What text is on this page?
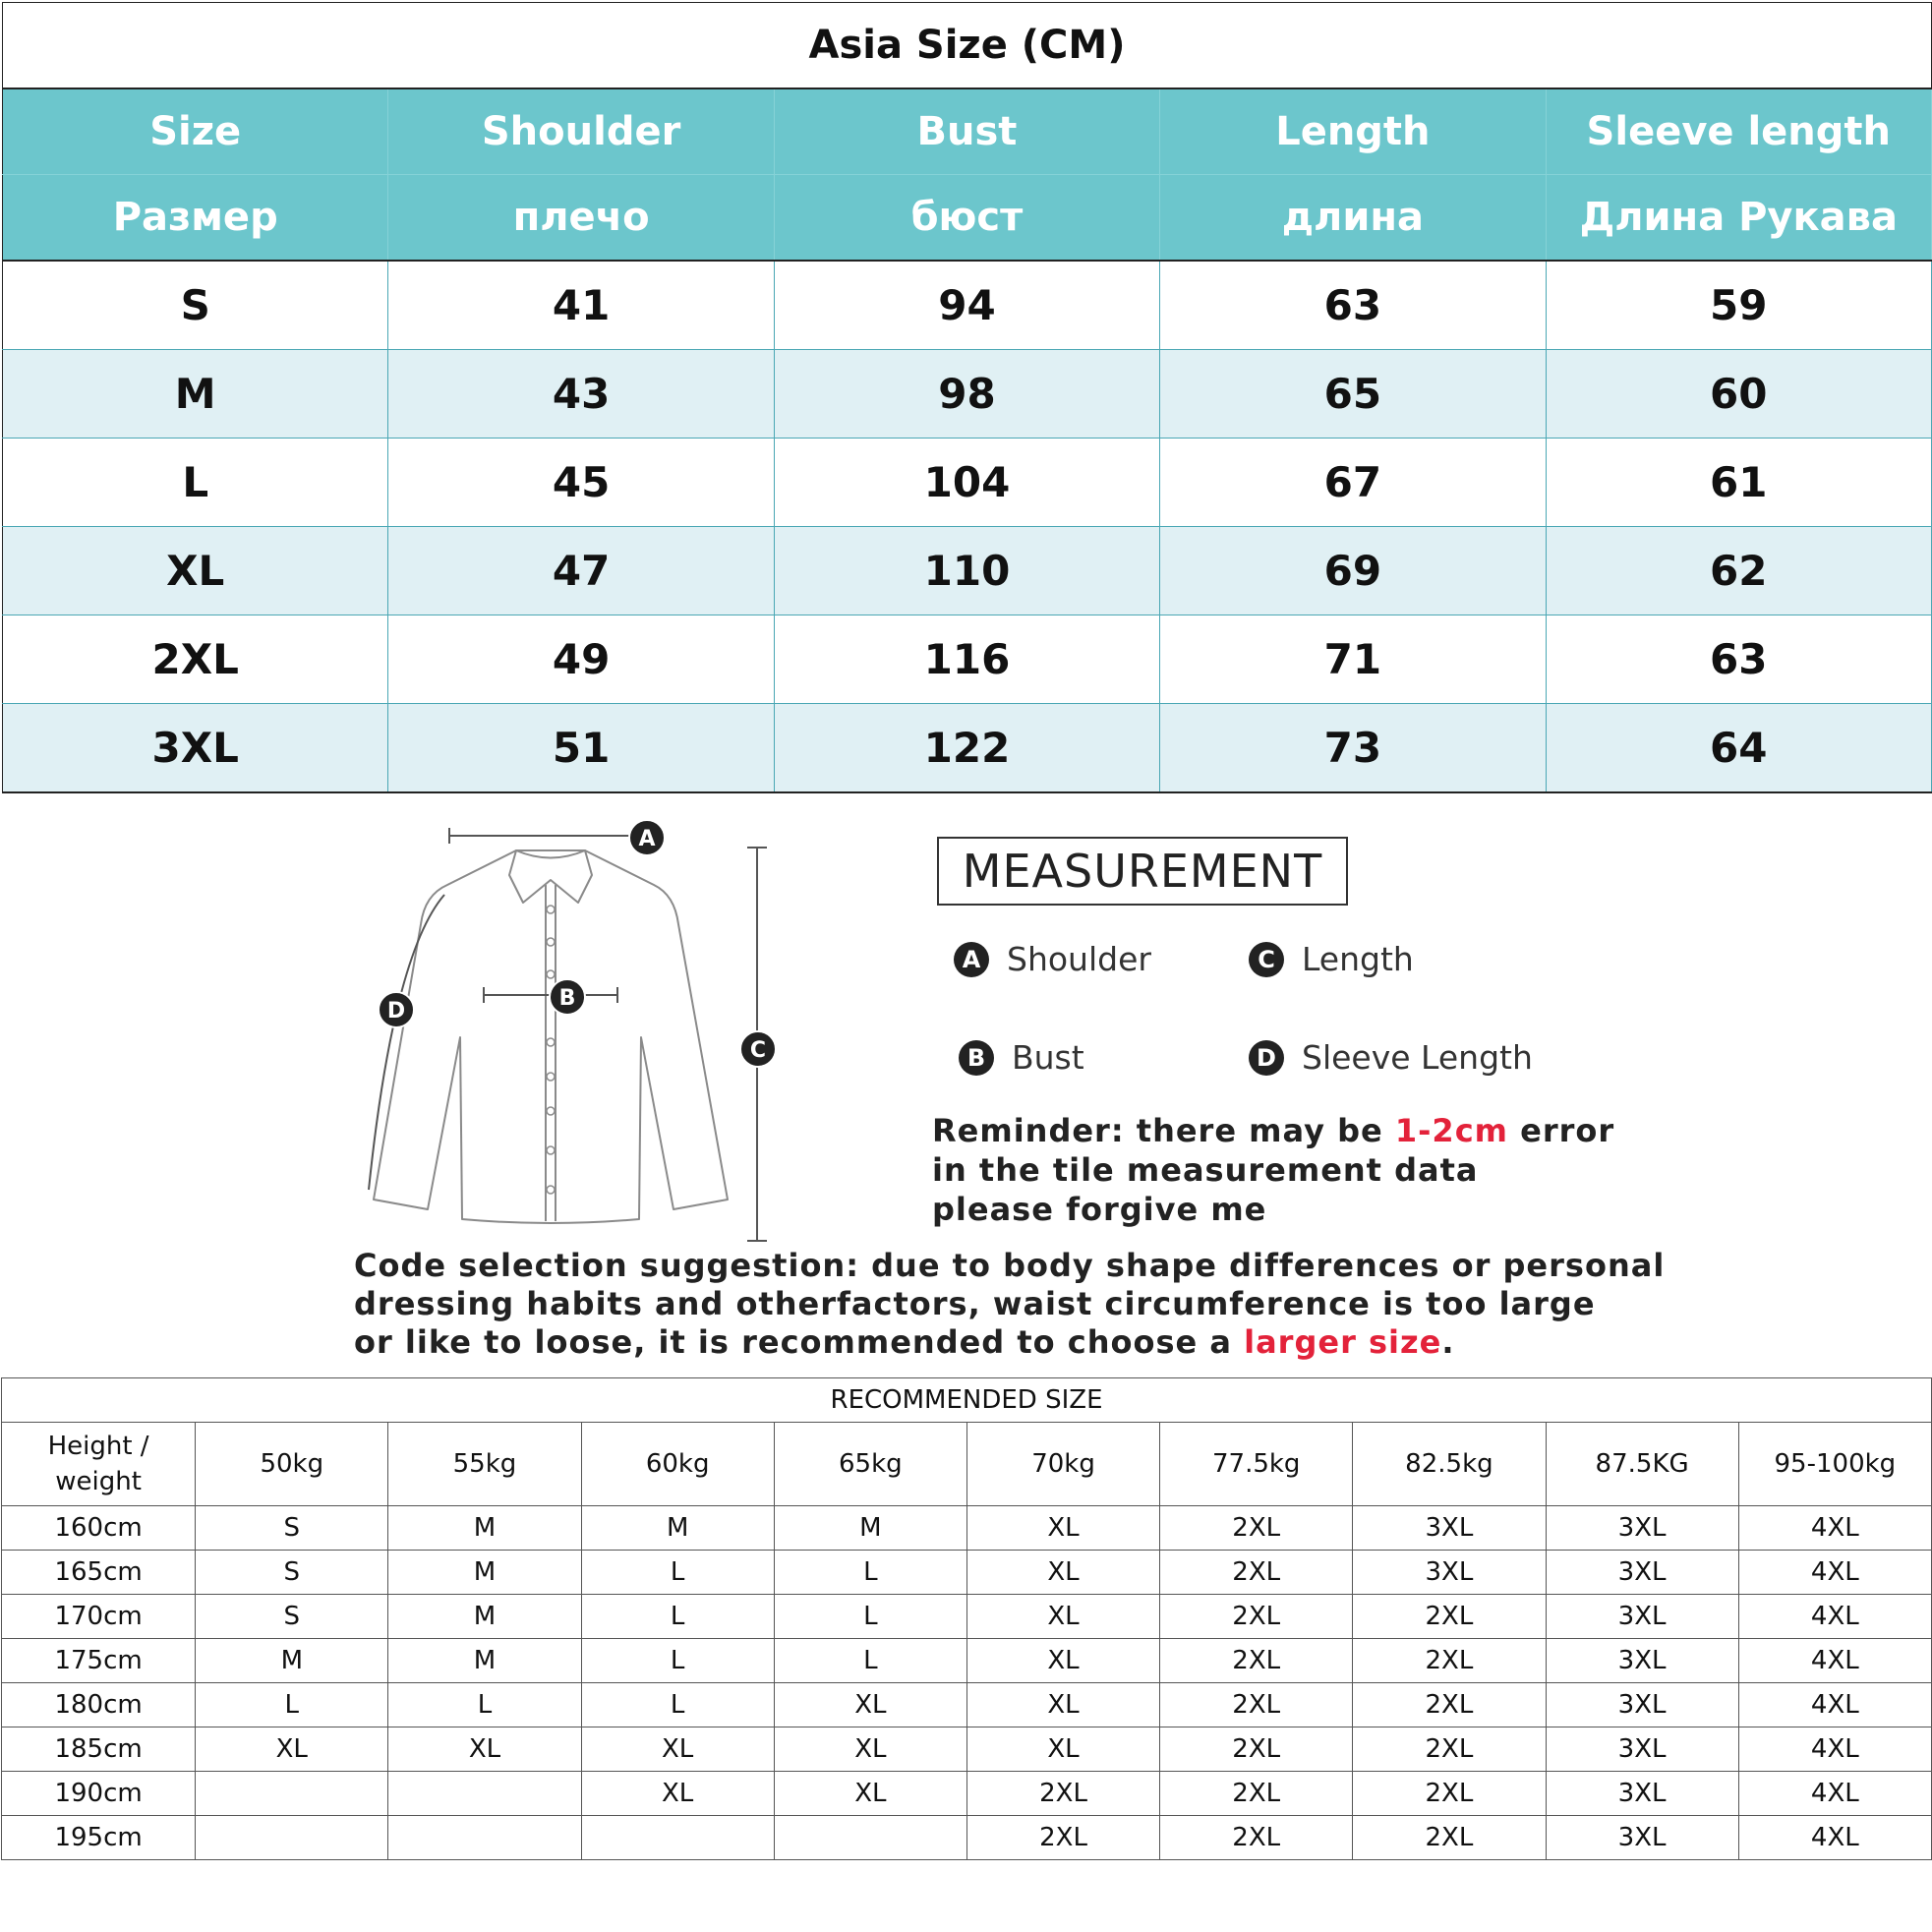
Asia Size (CM)				
Size	Shoulder	Bust	Length	Sleeve length
Размер	плечо	бюст	длина	Длина Рукава
S	41	94	63	59
M	43	98	65	60
L	45	104	67	61
XL	47	110	69	62
2XL	49	116	71	63
3XL	51	122	73	64
A
B
C
D
MEASUREMENT
A Shoulder	C Length
B Bust	D Sleeve Length
Reminder: there may be 1-2cm error
in the tile measurement data
please forgive me
Code selection suggestion: due to body shape differences or personal
dressing habits and otherfactors, waist circumference is too large
or like to loose, it is recommended to choose a larger size.
RECOMMENDED SIZE									

Height /
weight	50kg	55kg	60kg	65kg	70kg	77.5kg	82.5kg	87.5KG	95-100kg
160cm	S	M	M	M	XL	2XL	3XL	3XL	4XL
165cm	S	M	L	L	XL	2XL	3XL	3XL	4XL
170cm	S	M	L	L	XL	2XL	2XL	3XL	4XL
175cm	M	M	L	L	XL	2XL	2XL	3XL	4XL
180cm	L	L	L	XL	XL	2XL	2XL	3XL	4XL
185cm	XL	XL	XL	XL	XL	2XL	2XL	3XL	4XL
190cm			XL	XL	2XL	2XL	2XL	3XL	4XL
195cm					2XL	2XL	2XL	3XL	4XL
